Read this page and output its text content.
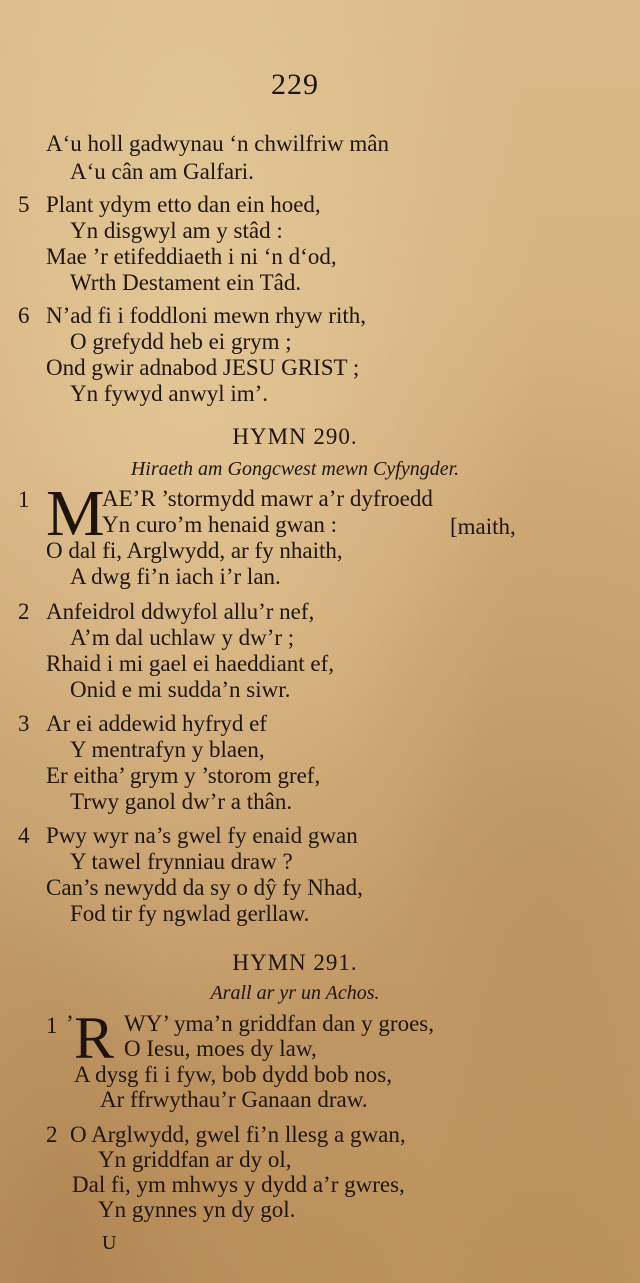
229
A‘u holl gadwynau ‘n chwilfriw mân
A‘u cân am Galfari.
5 Plant ydym etto dan ein hoed,
Yn disgwyl am y stâd :
Mae ’r etifeddiaeth i ni ‘n d‘od,
Wrth Destament ein Tâd.
6 N’ad fi i foddloni mewn rhyw rith,
O grefydd heb ei grym ;
Ond gwir adnabod JESU GRIST ;
Yn fywyd anwyl im’.
HYMN 290.
Hiraeth am Gongcwest mewn Cyfyngder.
1 M
AE’R ’stormydd mawr a’r dyfroedd
Yn curo’m henaid gwan :	[maith,
O dal fi, Arglwydd, ar fy nhaith,
A dwg fi’n iach i’r lan.
2 Anfeidrol ddwyfol allu’r nef,
A’m dal uchlaw y dw’r ;
Rhaid i mi gael ei haeddiant ef,
Onid e mi sudda’n siwr.
3 Ar ei addewid hyfryd ef
Y mentrafyn y blaen,
Er eitha’ grym y ’storom gref,
Trwy ganol dw’r a thân.
4 Pwy wyr na’s gwel fy enaid gwan
Y tawel frynniau draw ?
Can’s newydd da sy o dŷ fy Nhad,
Fod tir fy ngwlad gerllaw.
HYMN 291.
Arall ar yr un Achos.
1 ’ R WY’ yma’n griddfan dan y groes,
O Iesu, moes dy law,
A dysg fi i fyw, bob dydd bob nos,
Ar ffrwythau’r Ganaan draw.
2 O Arglwydd, gwel fi’n llesg a gwan,
Yn griddfan ar dy ol,
Dal fi, ym mhwys y dydd a’r gwres,
Yn gynnes yn dy gol.
U
